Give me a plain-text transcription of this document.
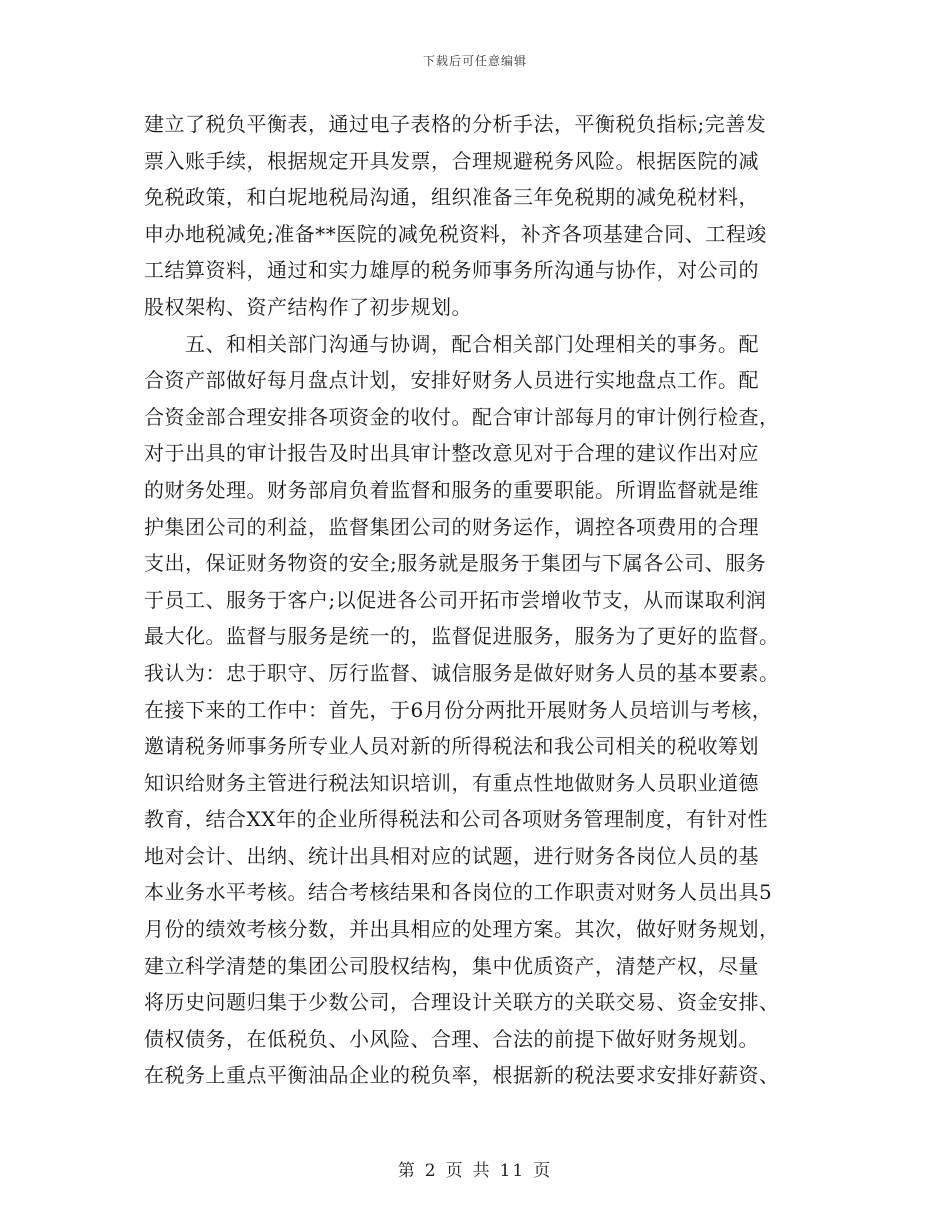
下载后可任意编辑
建立了税负平衡表，通过电子表格的分析手法，平衡税负指标;完善发
票入账手续，根据规定开具发票，合理规避税务风险。根据医院的减
免税政策，和白坭地税局沟通，组织准备三年免税期的减免税材料，
申办地税减免;准备**医院的减免税资料，补齐各项基建合同、工程竣
工结算资料，通过和实力雄厚的税务师事务所沟通与协作，对公司的
股权架构、资产结构作了初步规划。
　　五、和相关部门沟通与协调，配合相关部门处理相关的事务。配
合资产部做好每月盘点计划，安排好财务人员进行实地盘点工作。配
合资金部合理安排各项资金的收付。配合审计部每月的审计例行检查，
对于出具的审计报告及时出具审计整改意见对于合理的建议作出对应
的财务处理。财务部肩负着监督和服务的重要职能。所谓监督就是维
护集团公司的利益，监督集团公司的财务运作，调控各项费用的合理
支出，保证财务物资的安全;服务就是服务于集团与下属各公司、服务
于员工、服务于客户;以促进各公司开拓市尝增收节支，从而谋取利润
最大化。监督与服务是统一的，监督促进服务，服务为了更好的监督。
我认为：忠于职守、厉行监督、诚信服务是做好财务人员的基本要素。
在接下来的工作中：首先，于6月份分两批开展财务人员培训与考核，
邀请税务师事务所专业人员对新的所得税法和我公司相关的税收筹划
知识给财务主管进行税法知识培训，有重点性地做财务人员职业道德
教育，结合XX年的企业所得税法和公司各项财务管理制度，有针对性
地对会计、出纳、统计出具相对应的试题，进行财务各岗位人员的基
本业务水平考核。结合考核结果和各岗位的工作职责对财务人员出具5
月份的绩效考核分数，并出具相应的处理方案。其次，做好财务规划，
建立科学清楚的集团公司股权结构，集中优质资产，清楚产权，尽量
将历史问题归集于少数公司，合理设计关联方的关联交易、资金安排、
债权债务，在低税负、小风险、合理、合法的前提下做好财务规划。
在税务上重点平衡油品企业的税负率，根据新的税法要求安排好薪资、
第 2 页 共 11 页
